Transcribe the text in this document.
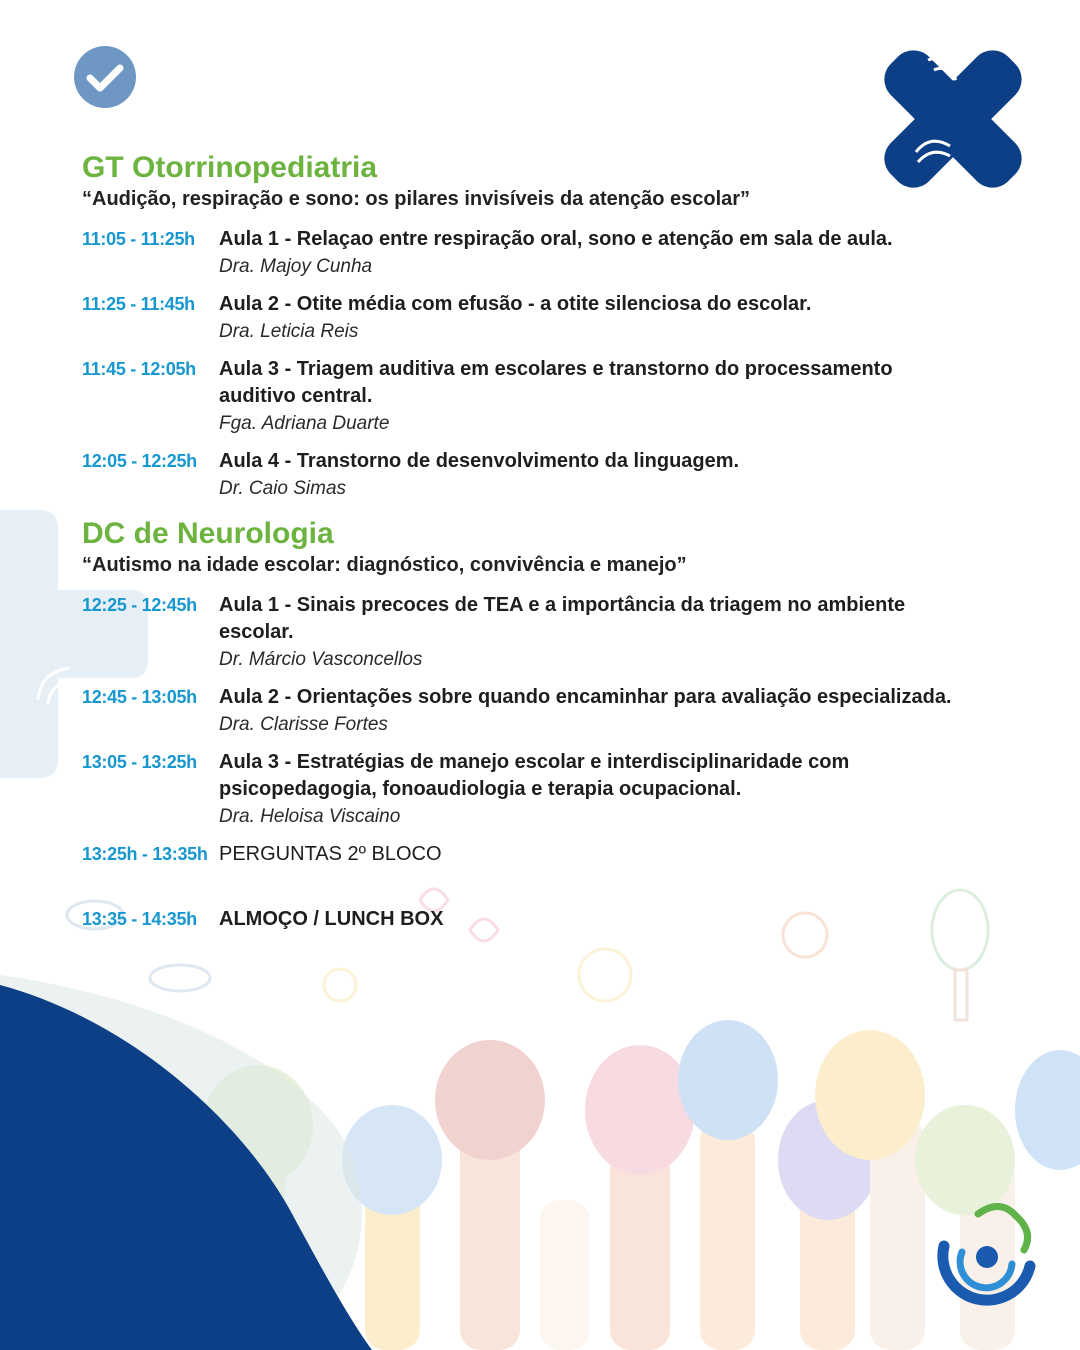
GT Otorrinopediatria

“Audição, respiração e sono: os pilares invisíveis da atenção escolar”

11:05 - 11:25h	Aula 1 - Relaçao entre respiração oral, sono e atenção em sala de aula.
Dra. Majoy Cunha
11:25 - 11:45h	Aula 2 - Otite média com efusão - a otite silenciosa do escolar.
Dra. Leticia Reis
11:45 - 12:05h	Aula 3 - Triagem auditiva em escolares e transtorno do processamento auditivo central.
Fga. Adriana Duarte
12:05 - 12:25h	Aula 4 - Transtorno de desenvolvimento da linguagem.
Dr. Caio Simas
DC de Neurologia

“Autismo na idade escolar: diagnóstico, convivência e manejo”

12:25 - 12:45h	Aula 1 - Sinais precoces de TEA e a importância da triagem no ambiente escolar.
Dr. Márcio Vasconcellos
12:45 - 13:05h	Aula 2 - Orientações sobre quando encaminhar para avaliação especializada.
Dra. Clarisse Fortes
13:05 - 13:25h	Aula 3 - Estratégias de manejo escolar e interdisciplinaridade com psicopedagogia, fonoaudiologia e terapia ocupacional.
Dra. Heloisa Viscaino
13:25h - 13:35h PERGUNTAS 2º BLOCO
13:35 - 14:35h	ALMOÇO / LUNCH BOX
